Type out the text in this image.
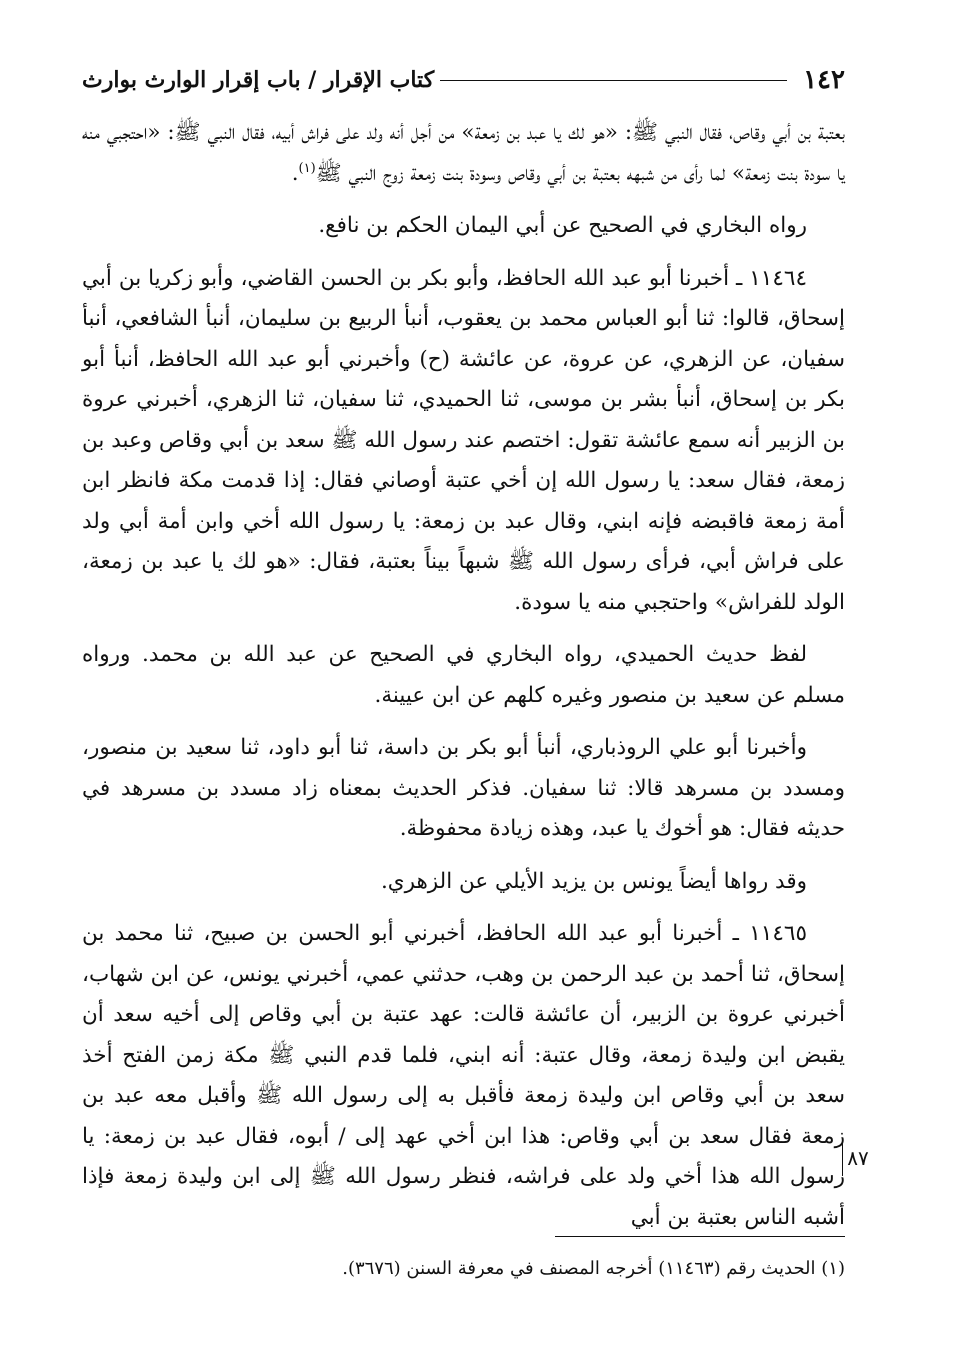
١٤٢
كتاب الإقرار / باب إقرار الوارث بوارث

بعتبة بن أبي وقاص، فقال النبي ﷺ: «هو لك يا عبد بن زمعة» من أجل أنه ولد على فراش أبيه، فقال النبي ﷺ: «احتجبي منه يا سودة بنت زمعة» لما رأى من شبهه بعتبة بن أبي وقاص وسودة بنت زمعة زوج النبي ﷺ$^{(١)}$.

رواه البخاري في الصحيح عن أبي اليمان الحكم بن نافع.

١١٤٦٤ ـ أخبرنا أبو عبد الله الحافظ، وأبو بكر بن الحسن القاضي، وأبو زكريا بن أبي إسحاق، قالوا: ثنا أبو العباس محمد بن يعقوب، أنبأ الربيع بن سليمان، أنبأ الشافعي، أنبأ سفيان، عن الزهري، عن عروة، عن عائشة (ح) وأخبرني أبو عبد الله الحافظ، أنبأ أبو بكر بن إسحاق، أنبأ بشر بن موسى، ثنا الحميدي، ثنا سفيان، ثنا الزهري، أخبرني عروة بن الزبير أنه سمع عائشة تقول: اختصم عند رسول الله ﷺ سعد بن أبي وقاص وعبد بن زمعة، فقال سعد: يا رسول الله إن أخي عتبة أوصاني فقال: إذا قدمت مكة فانظر ابن أمة زمعة فاقبضه فإنه ابني، وقال عبد بن زمعة: يا رسول الله أخي وابن أمة أبي ولد على فراش أبي، فرأى رسول الله ﷺ شبهاً بيناً بعتبة، فقال: «هو لك يا عبد بن زمعة، الولد للفراش» واحتجبي منه يا سودة.

لفظ حديث الحميدي، رواه البخاري في الصحيح عن عبد الله بن محمد. ورواه مسلم عن سعيد بن منصور وغيره كلهم عن ابن عيينة.

وأخبرنا أبو علي الروذباري، أنبأ أبو بكر بن داسة، ثنا أبو داود، ثنا سعيد بن منصور، ومسدد بن مسرهد قالا: ثنا سفيان. فذكر الحديث بمعناه زاد مسدد بن مسرهد في حديثه فقال: هو أخوك يا عبد، وهذه زيادة محفوظة.

وقد رواها أيضاً يونس بن يزيد الأيلي عن الزهري.

١١٤٦٥ ـ أخبرنا أبو عبد الله الحافظ، أخبرني أبو الحسن بن صبيح، ثنا محمد بن إسحاق، ثنا أحمد بن عبد الرحمن بن وهب، حدثني عمي، أخبرني يونس، عن ابن شهاب، أخبرني عروة بن الزبير، أن عائشة قالت: عهد عتبة بن أبي وقاص إلى أخيه سعد أن يقبض ابن وليدة زمعة، وقال عتبة: أنه ابني، فلما قدم النبي ﷺ مكة زمن الفتح أخذ سعد بن أبي وقاص ابن وليدة زمعة فأقبل به إلى رسول الله ﷺ وأقبل معه عبد بن زمعة فقال سعد بن أبي وقاص: هذا ابن أخي عهد إلى / أبوه، فقال عبد بن زمعة: يا رسول الله هذا أخي ولد على فراشه، فنظر رسول الله ﷺ إلى ابن وليدة زمعة فإذا أشبه الناس بعتبة بن أبي

٨٧
(١) الحديث رقم (١١٤٦٣) أخرجه المصنف في معرفة السنن (٣٦٧٦).
